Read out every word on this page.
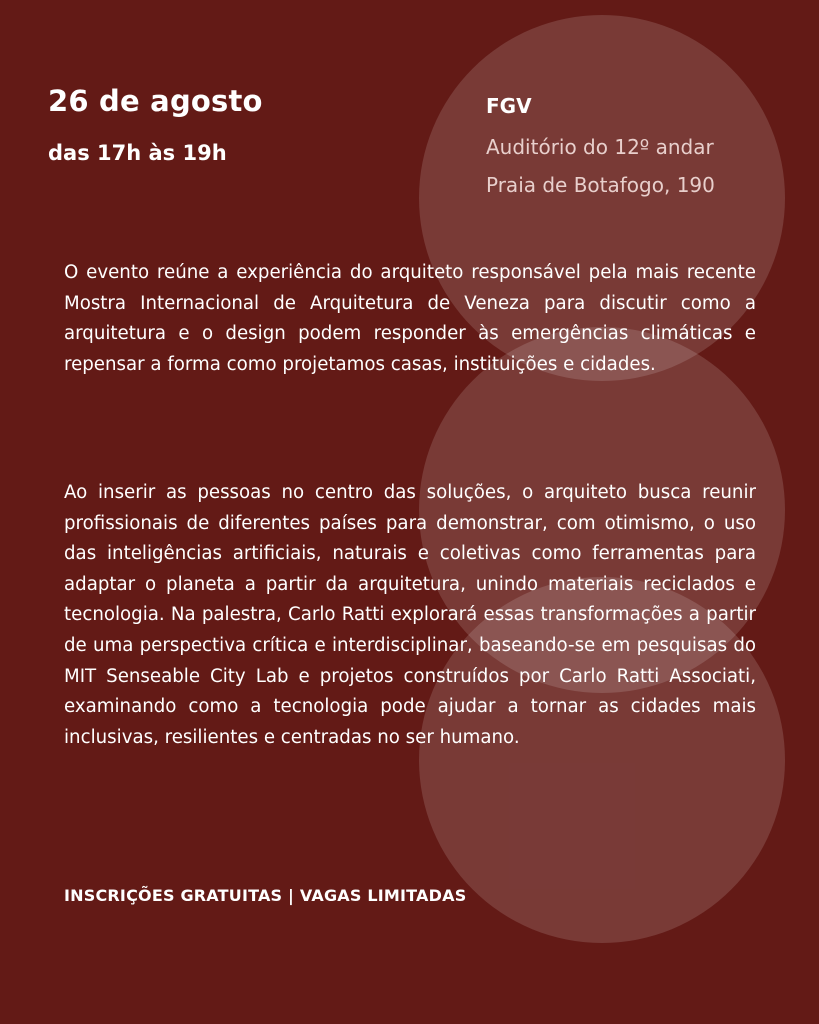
26 de agosto
das 17h às 19h
FGV
Auditório do 12º andar
Praia de Botafogo, 190

O evento reúne a experiência do arquiteto responsável pela mais recente Mostra Internacional de Arquitetura de Veneza para discutir como a arquitetura e o design podem responder às emergências climáticas e repensar a forma como projetamos casas, instituições e cidades.

Ao inserir as pessoas no centro das soluções, o arquiteto busca reunir profissionais de diferentes países para demonstrar, com otimismo, o uso das inteligências artificiais, naturais e coletivas como ferramentas para adaptar o planeta a partir da arquitetura, unindo materiais reciclados e tecnologia. Na palestra, Carlo Ratti explorará essas transformações a partir de uma perspectiva crítica e interdisciplinar, baseando-se em pesquisas do MIT Senseable City Lab e projetos construídos por Carlo Ratti Associati, examinando como a tecnologia pode ajudar a tornar as cidades mais inclusivas, resilientes e centradas no ser humano.

INSCRIÇÕES GRATUITAS | VAGAS LIMITADAS
